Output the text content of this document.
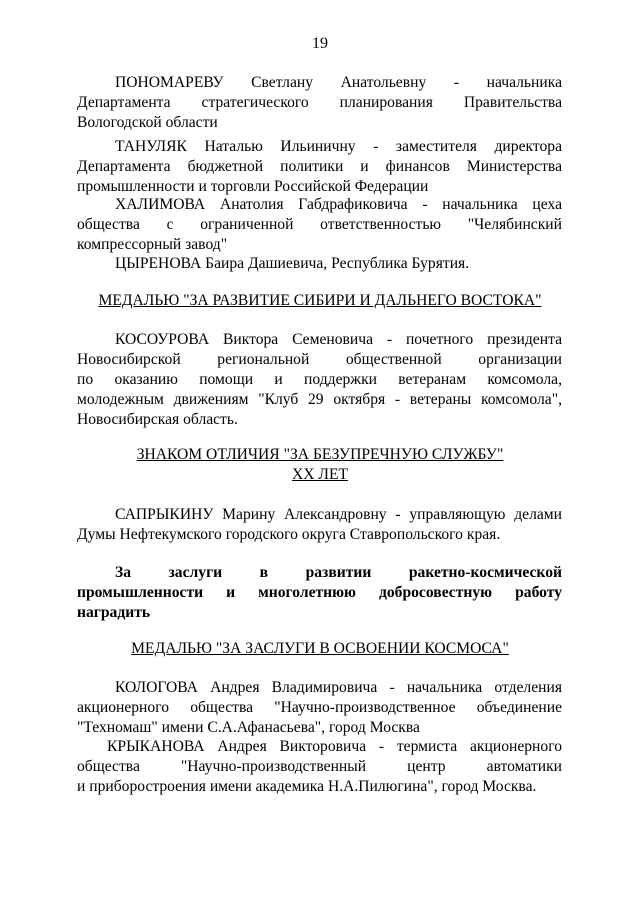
19
ПОНОМАРЕВУ Светлану Анатольевну - начальника
Департамента стратегического планирования Правительства
Вологодской области
ТАНУЛЯК Наталью Ильиничну - заместителя директора
Департамента бюджетной политики и финансов Министерства
промышленности и торговли Российской Федерации
ХАЛИМОВА Анатолия Габдрафиковича - начальника цеха
общества с ограниченной ответственностью "Челябинский
компрессорный завод"
ЦЫРЕНОВА Баира Дашиевича, Республика Бурятия.
МЕДАЛЬЮ "ЗА РАЗВИТИЕ СИБИРИ И ДАЛЬНЕГО ВОСТОКА"
КОСОУРОВА Виктора Семеновича - почетного президента
Новосибирской региональной общественной организации
по оказанию помощи и поддержки ветеранам комсомола,
молодежным движениям "Клуб 29 октября - ветераны комсомола",
Новосибирская область.
ЗНАКОМ ОТЛИЧИЯ "ЗА БЕЗУПРЕЧНУЮ СЛУЖБУ"
XX ЛЕТ
САПРЫКИНУ Марину Александровну - управляющую делами
Думы Нефтекумского городского округа Ставропольского края.
За заслуги в развитии ракетно-космической
промышленности и многолетнюю добросовестную работу
наградить
МЕДАЛЬЮ "ЗА ЗАСЛУГИ В ОСВОЕНИИ КОСМОСА"
КОЛОГОВА Андрея Владимировича - начальника отделения
акционерного общества "Научно-производственное объединение
"Техномаш" имени С.А.Афанасьева", город Москва
КРЫКАНОВА Андрея Викторовича - термиста акционерного
общества "Научно-производственный центр автоматики
и приборостроения имени академика Н.А.Пилюгина", город Москва.
